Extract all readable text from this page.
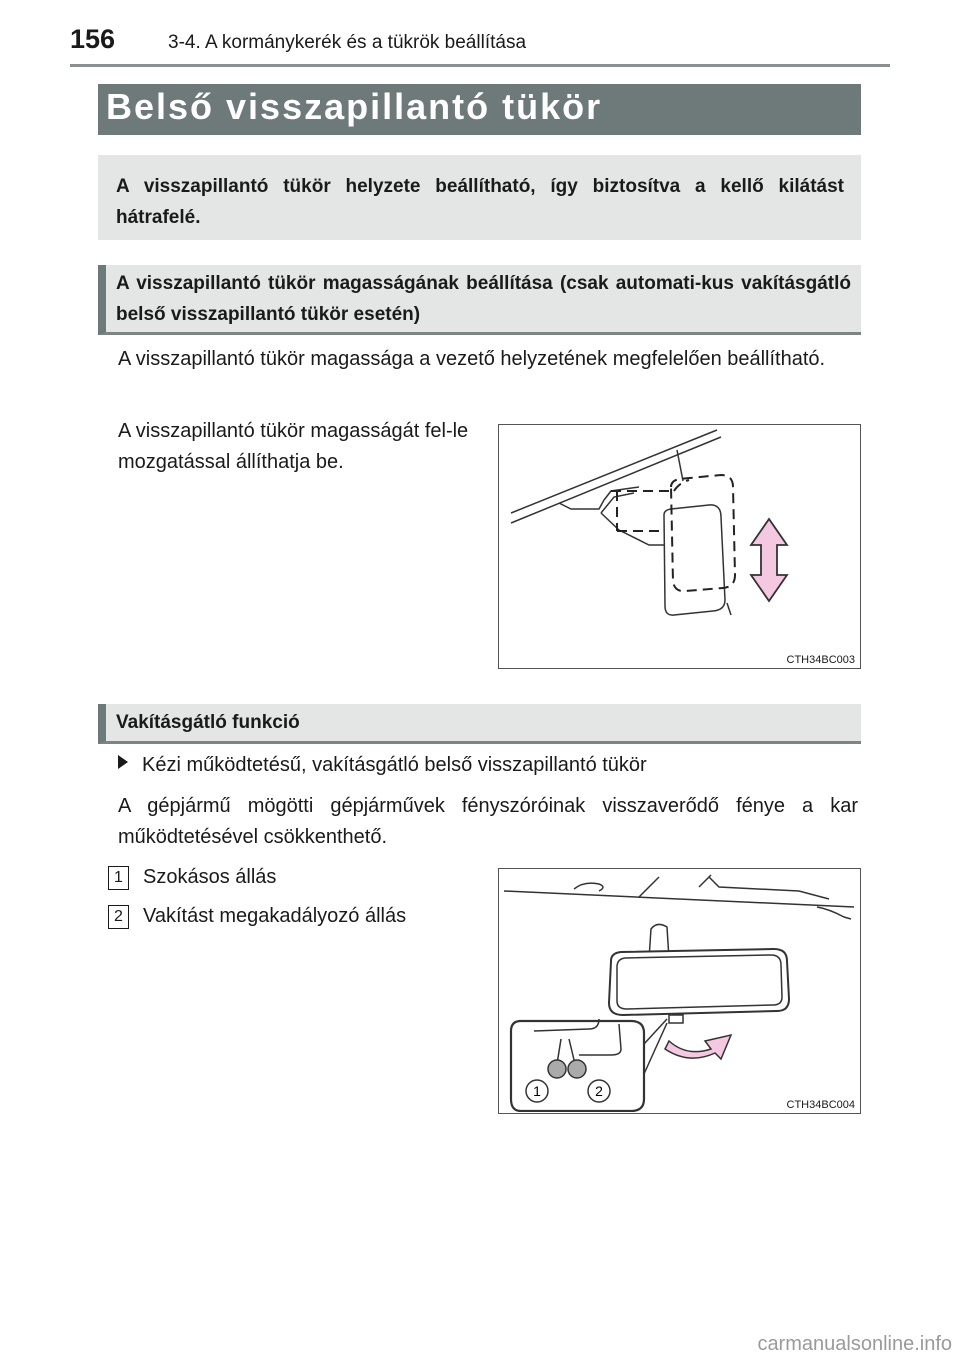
156	3-4. A kormánykerék és a tükrök beállítása
Belső visszapillantó tükör

A visszapillantó tükör helyzete beállítható, így biztosítva a kellő kilátást hátrafelé.

A visszapillantó tükör magasságának beállítása (csak automati-kus vakításgátló belső visszapillantó tükör esetén)

A visszapillantó tükör magassága a vezető helyzetének megfelelően beállítható.

A visszapillantó tükör magasságát fel-le mozgatással állíthatja be.

CTH34BC003

Vakításgátló funkció

Kézi működtetésű, vakításgátló belső visszapillantó tükör

A gépjármű mögötti gépjárművek fényszóróinak visszaverődő fénye a kar működtetésével csökkenthető.

1 Szokásos állás
2 Vakítást megakadályozó állás
1	2
CTH34BC004
carmanualsonline.info
